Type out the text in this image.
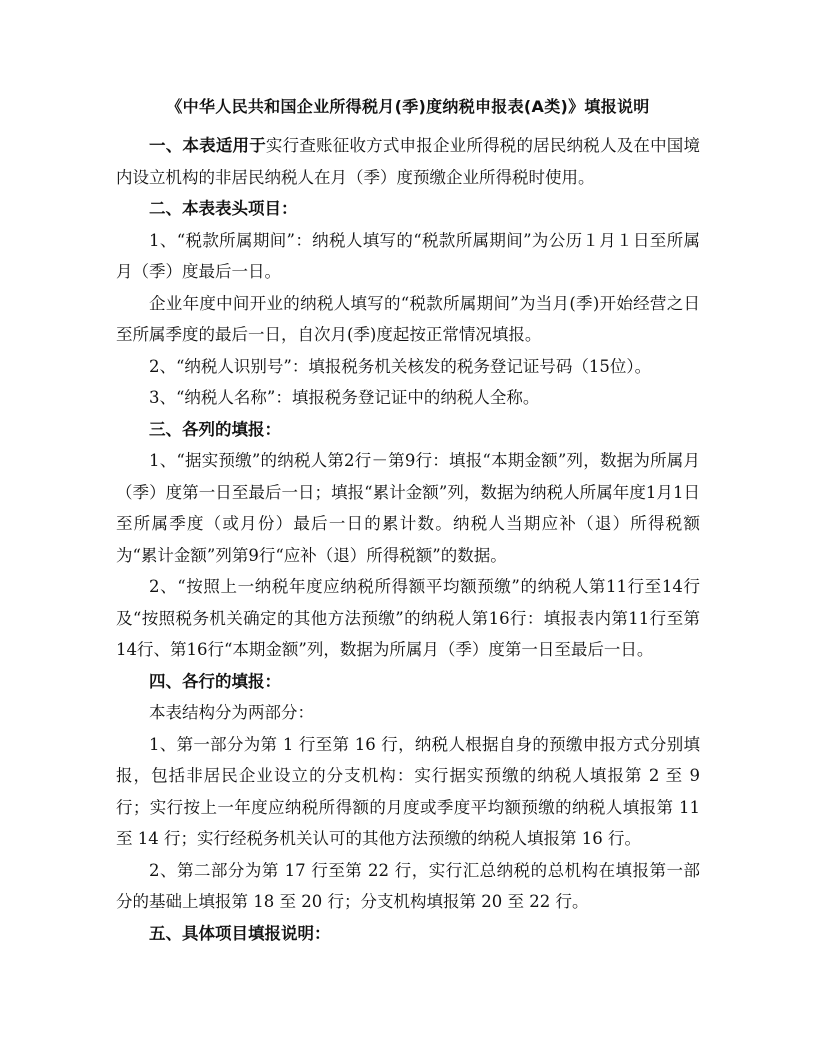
《中华人民共和国企业所得税月(季)度纳税申报表(A类)》填报说明

一、本表适用于实行查账征收方式申报企业所得税的居民纳税人及在中国境内设立机构的非居民纳税人在月（季）度预缴企业所得税时使用。

二、本表表头项目：

1、“税款所属期间”：纳税人填写的“税款所属期间”为公历１月１日至所属月（季）度最后一日。

企业年度中间开业的纳税人填写的“税款所属期间”为当月(季)开始经营之日至所属季度的最后一日，自次月(季)度起按正常情况填报。

2、“纳税人识别号”：填报税务机关核发的税务登记证号码（15位）。

3、“纳税人名称”：填报税务登记证中的纳税人全称。

三、各列的填报：

1、“据实预缴”的纳税人第2行－第9行：填报“本期金额”列，数据为所属月（季）度第一日至最后一日；填报“累计金额”列，数据为纳税人所属年度1月1日至所属季度（或月份）最后一日的累计数。纳税人当期应补（退）所得税额为“累计金额”列第9行“应补（退）所得税额”的数据。

2、“按照上一纳税年度应纳税所得额平均额预缴”的纳税人第11行至14行及“按照税务机关确定的其他方法预缴”的纳税人第16行：填报表内第11行至第14行、第16行“本期金额”列，数据为所属月（季）度第一日至最后一日。

四、各行的填报：

本表结构分为两部分：

1、第一部分为第 1 行至第 16 行，纳税人根据自身的预缴申报方式分别填报，包括非居民企业设立的分支机构：实行据实预缴的纳税人填报第 2 至 9 行；实行按上一年度应纳税所得额的月度或季度平均额预缴的纳税人填报第 11 至 14 行；实行经税务机关认可的其他方法预缴的纳税人填报第 16 行。

2、第二部分为第 17 行至第 22 行，实行汇总纳税的总机构在填报第一部分的基础上填报第 18 至 20 行；分支机构填报第 20 至 22 行。

五、具体项目填报说明：
